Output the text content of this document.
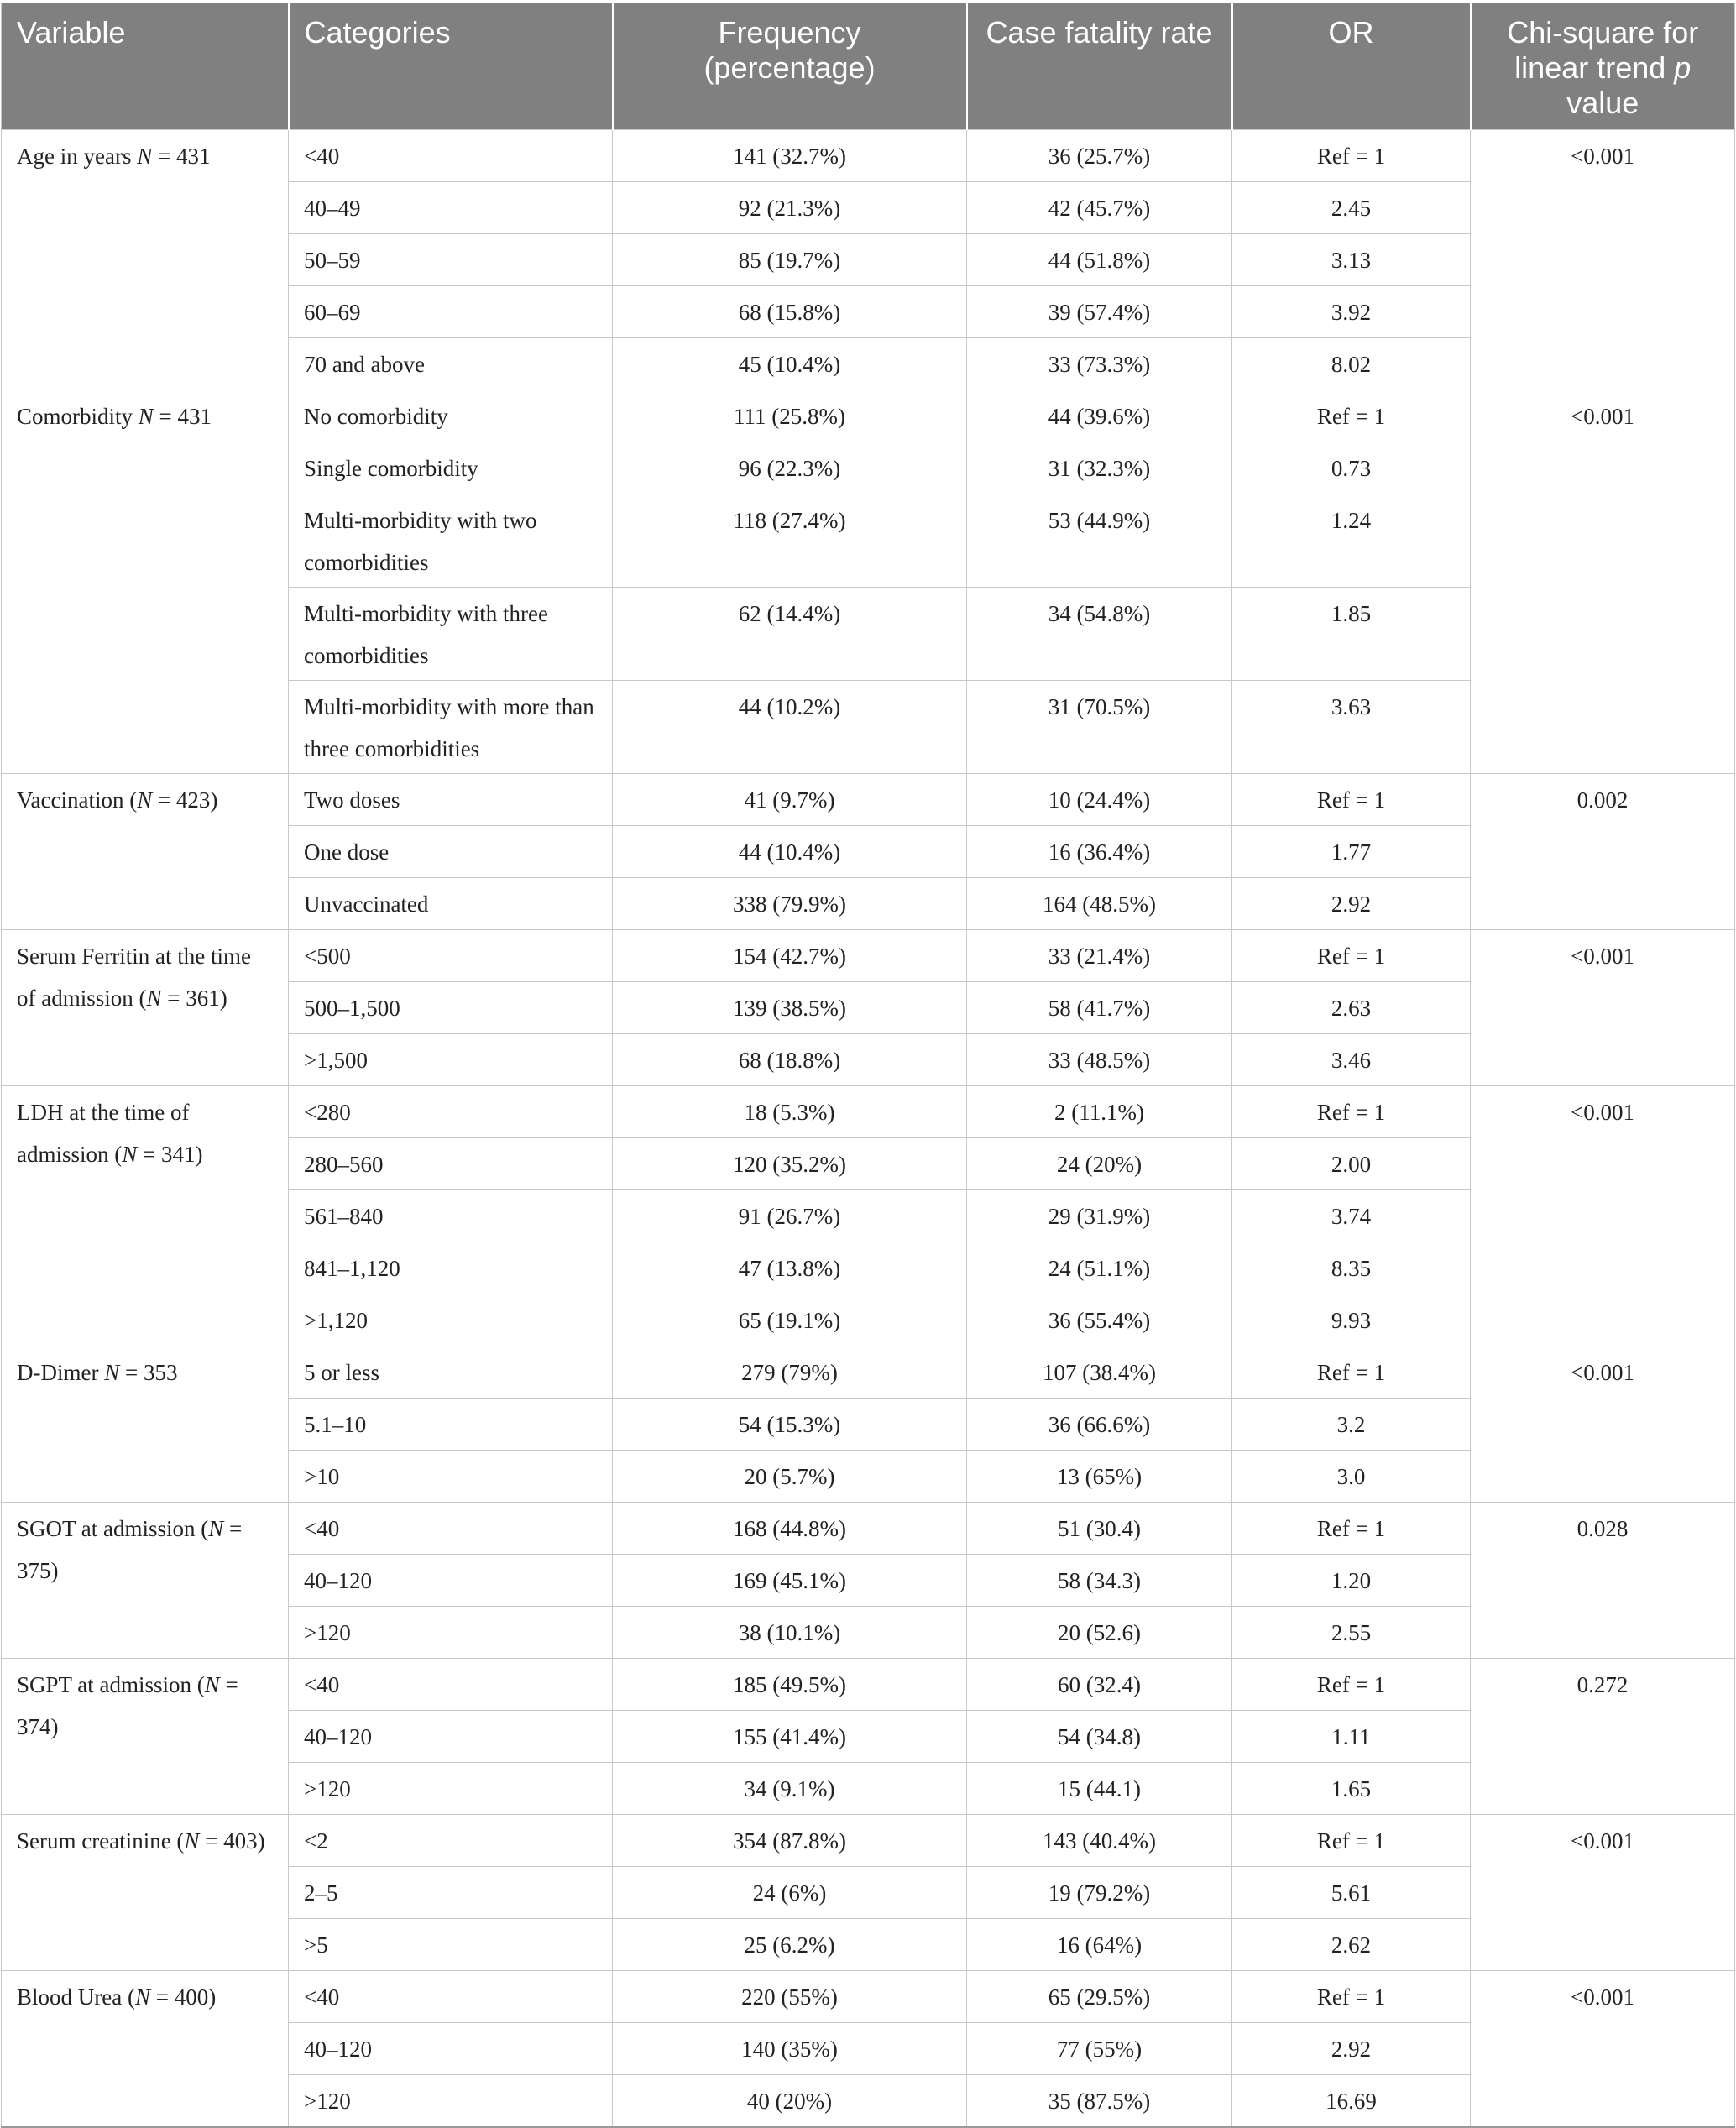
Variable	Categories	Frequency (percentage)	Case fatality rate	OR	Chi-square for linear trend p value
Age in years N = 431	<40	141 (32.7%)	36 (25.7%)	Ref = 1	<0.001
	40–49	92 (21.3%)	42 (45.7%)	2.45	
	50–59	85 (19.7%)	44 (51.8%)	3.13	
	60–69	68 (15.8%)	39 (57.4%)	3.92	
	70 and above	45 (10.4%)	33 (73.3%)	8.02	
Comorbidity N = 431	No comorbidity	111 (25.8%)	44 (39.6%)	Ref = 1	<0.001
	Single comorbidity	96 (22.3%)	31 (32.3%)	0.73	
	Multi-morbidity with two comorbidities	118 (27.4%)	53 (44.9%)	1.24	
	Multi-morbidity with three comorbidities	62 (14.4%)	34 (54.8%)	1.85	
	Multi-morbidity with more than three comorbidities	44 (10.2%)	31 (70.5%)	3.63	
Vaccination (N = 423)	Two doses	41 (9.7%)	10 (24.4%)	Ref = 1	0.002
	One dose	44 (10.4%)	16 (36.4%)	1.77	
	Unvaccinated	338 (79.9%)	164 (48.5%)	2.92	
Serum Ferritin at the time of admission (N = 361)	<500	154 (42.7%)	33 (21.4%)	Ref = 1	<0.001
	500–1,500	139 (38.5%)	58 (41.7%)	2.63	
	>1,500	68 (18.8%)	33 (48.5%)	3.46	
LDH at the time of admission (N = 341)	<280	18 (5.3%)	2 (11.1%)	Ref = 1	<0.001
	280–560	120 (35.2%)	24 (20%)	2.00	
	561–840	91 (26.7%)	29 (31.9%)	3.74	
	841–1,120	47 (13.8%)	24 (51.1%)	8.35	
	>1,120	65 (19.1%)	36 (55.4%)	9.93	
D-Dimer N = 353	5 or less	279 (79%)	107 (38.4%)	Ref = 1	<0.001
	5.1–10	54 (15.3%)	36 (66.6%)	3.2	
	>10	20 (5.7%)	13 (65%)	3.0	
SGOT at admission (N = 375)	<40	168 (44.8%)	51 (30.4)	Ref = 1	0.028
	40–120	169 (45.1%)	58 (34.3)	1.20	
	>120	38 (10.1%)	20 (52.6)	2.55	
SGPT at admission (N = 374)	<40	185 (49.5%)	60 (32.4)	Ref = 1	0.272
	40–120	155 (41.4%)	54 (34.8)	1.11	
	>120	34 (9.1%)	15 (44.1)	1.65	
Serum creatinine (N = 403)	<2	354 (87.8%)	143 (40.4%)	Ref = 1	<0.001
	2–5	24 (6%)	19 (79.2%)	5.61	
	>5	25 (6.2%)	16 (64%)	2.62	
Blood Urea (N = 400)	<40	220 (55%)	65 (29.5%)	Ref = 1	<0.001
	40–120	140 (35%)	77 (55%)	2.92	
	>120	40 (20%)	35 (87.5%)	16.69	
